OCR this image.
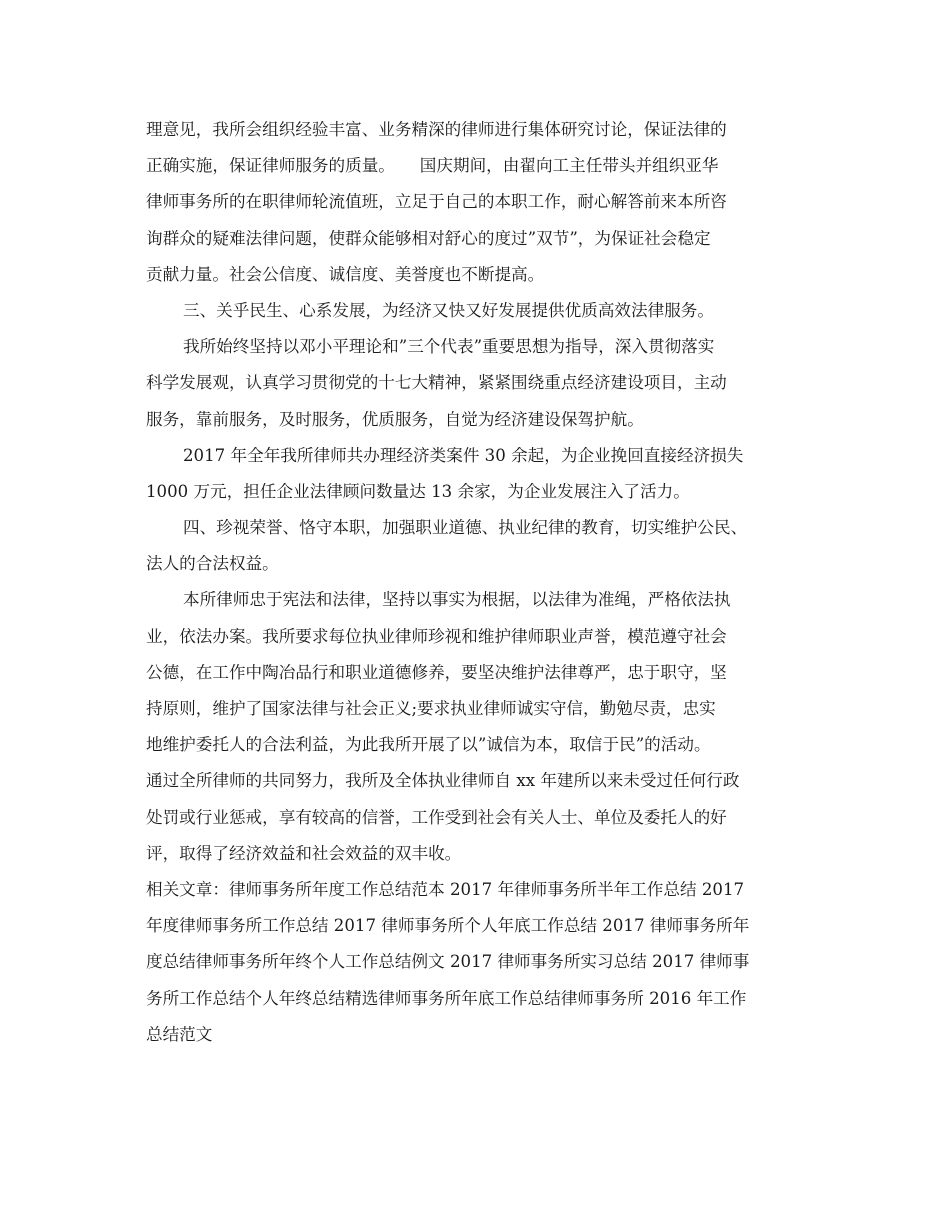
理意见，我所会组织经验丰富、业务精深的律师进行集体研究讨论，保证法律的
正确实施，保证律师服务的质量。　　国庆期间，由翟向工主任带头并组织亚华
律师事务所的在职律师轮流值班，立足于自己的本职工作，耐心解答前来本所咨
询群众的疑难法律问题，使群众能够相对舒心的度过”双节”，为保证社会稳定
贡献力量。社会公信度、诚信度、美誉度也不断提高。
三、关乎民生、心系发展，为经济又快又好发展提供优质高效法律服务。
我所始终坚持以邓小平理论和”三个代表”重要思想为指导，深入贯彻落实
科学发展观，认真学习贯彻党的十七大精神，紧紧围绕重点经济建设项目，主动
服务，靠前服务，及时服务，优质服务，自觉为经济建设保驾护航。
2017 年全年我所律师共办理经济类案件 30 余起，为企业挽回直接经济损失
1000 万元，担任企业法律顾问数量达 13 余家，为企业发展注入了活力。
四、珍视荣誉、恪守本职，加强职业道德、执业纪律的教育，切实维护公民、
法人的合法权益。
本所律师忠于宪法和法律，坚持以事实为根据，以法律为准绳，严格依法执
业，依法办案。我所要求每位执业律师珍视和维护律师职业声誉，模范遵守社会
公德，在工作中陶冶品行和职业道德修养，要坚决维护法律尊严，忠于职守，坚
持原则，维护了国家法律与社会正义;要求执业律师诚实守信，勤勉尽责，忠实
地维护委托人的合法利益，为此我所开展了以”诚信为本，取信于民”的活动。
通过全所律师的共同努力，我所及全体执业律师自 xx 年建所以来未受过任何行政
处罚或行业惩戒，享有较高的信誉，工作受到社会有关人士、单位及委托人的好
评，取得了经济效益和社会效益的双丰收。
相关文章：律师事务所年度工作总结范本 2017 年律师事务所半年工作总结 2017
年度律师事务所工作总结 2017 律师事务所个人年底工作总结 2017 律师事务所年
度总结律师事务所年终个人工作总结例文 2017 律师事务所实习总结 2017 律师事
务所工作总结个人年终总结精选律师事务所年底工作总结律师事务所 2016 年工作
总结范文
